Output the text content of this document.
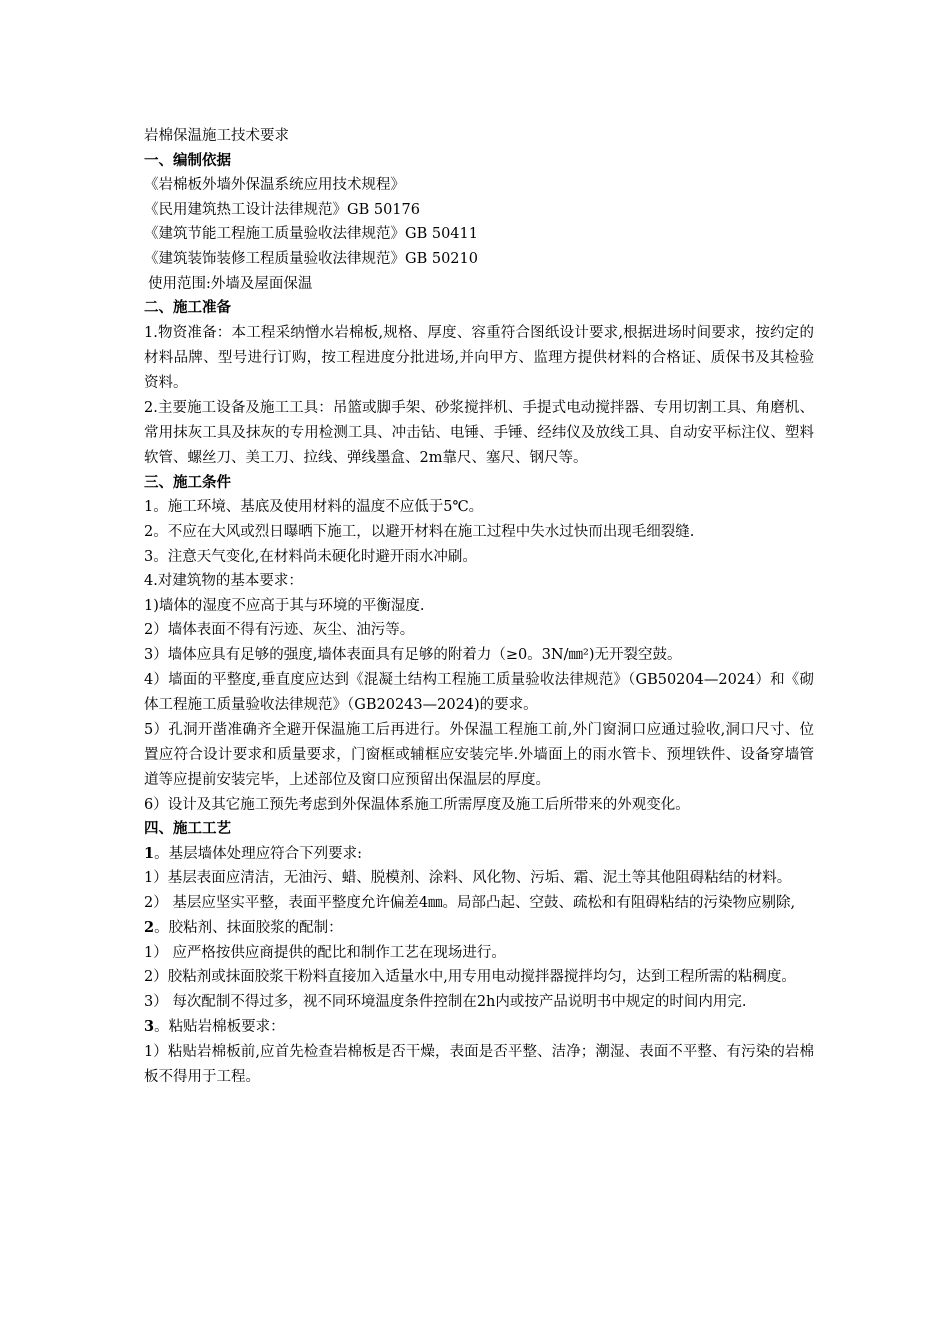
岩棉保温施工技术要求
一、编制依据
《岩棉板外墙外保温系统应用技术规程》
《民用建筑热工设计法律规范》GB 50176
《建筑节能工程施工质量验收法律规范》GB 50411
《建筑装饰装修工程质量验收法律规范》GB 50210
使用范围:外墙及屋面保温
二、施工准备
1.物资准备：本工程采纳憎水岩棉板,规格、厚度、容重符合图纸设计要求,根据进场时间要求，按约定的材料品牌、型号进行订购，按工程进度分批进场,并向甲方、监理方提供材料的合格证、质保书及其检验资料。
2.主要施工设备及施工工具：吊篮或脚手架、砂浆搅拌机、手提式电动搅拌器、专用切割工具、角磨机、常用抹灰工具及抹灰的专用检测工具、冲击钻、电锤、手锤、经纬仪及放线工具、自动安平标注仪、塑料软管、螺丝刀、美工刀、拉线、弹线墨盒、2m靠尺、塞尺、钢尺等。
三、施工条件
1。施工环境、基底及使用材料的温度不应低于5℃。
2。不应在大风或烈日曝晒下施工，以避开材料在施工过程中失水过快而出现毛细裂缝.
3。注意天气变化,在材料尚未硬化时避开雨水冲刷。
4.对建筑物的基本要求：
1)墙体的湿度不应高于其与环境的平衡湿度.
2）墙体表面不得有污迹、灰尘、油污等。
3）墙体应具有足够的强度,墙体表面具有足够的附着力（≥0。3N/㎜²)无开裂空鼓。
4）墙面的平整度,垂直度应达到《混凝土结构工程施工质量验收法律规范》（GB50204—2024）和《砌体工程施工质量验收法律规范》（GB20243—2024)的要求。
5）孔洞开凿准确齐全避开保温施工后再进行。外保温工程施工前,外门窗洞口应通过验收,洞口尺寸、位置应符合设计要求和质量要求，门窗框或辅框应安装完毕.外墙面上的雨水管卡、预埋铁件、设备穿墙管道等应提前安装完毕，上述部位及窗口应预留出保温层的厚度。
6）设计及其它施工预先考虑到外保温体系施工所需厚度及施工后所带来的外观变化。
四、施工工艺
1。基层墙体处理应符合下列要求:
1）基层表面应清洁，无油污、蜡、脱模剂、涂料、风化物、污垢、霜、泥土等其他阻碍粘结的材料。
2） 基层应坚实平整，表面平整度允许偏差4㎜。局部凸起、空鼓、疏松和有阻碍粘结的污染物应剔除,
2。胶粘剂、抹面胶浆的配制：
1） 应严格按供应商提供的配比和制作工艺在现场进行。
2）胶粘剂或抹面胶浆干粉料直接加入适量水中,用专用电动搅拌器搅拌均匀，达到工程所需的粘稠度。
3） 每次配制不得过多，视不同环境温度条件控制在2h内或按产品说明书中规定的时间内用完.
3。粘贴岩棉板要求：
1）粘贴岩棉板前,应首先检查岩棉板是否干燥，表面是否平整、洁净；潮湿、表面不平整、有污染的岩棉板不得用于工程。
